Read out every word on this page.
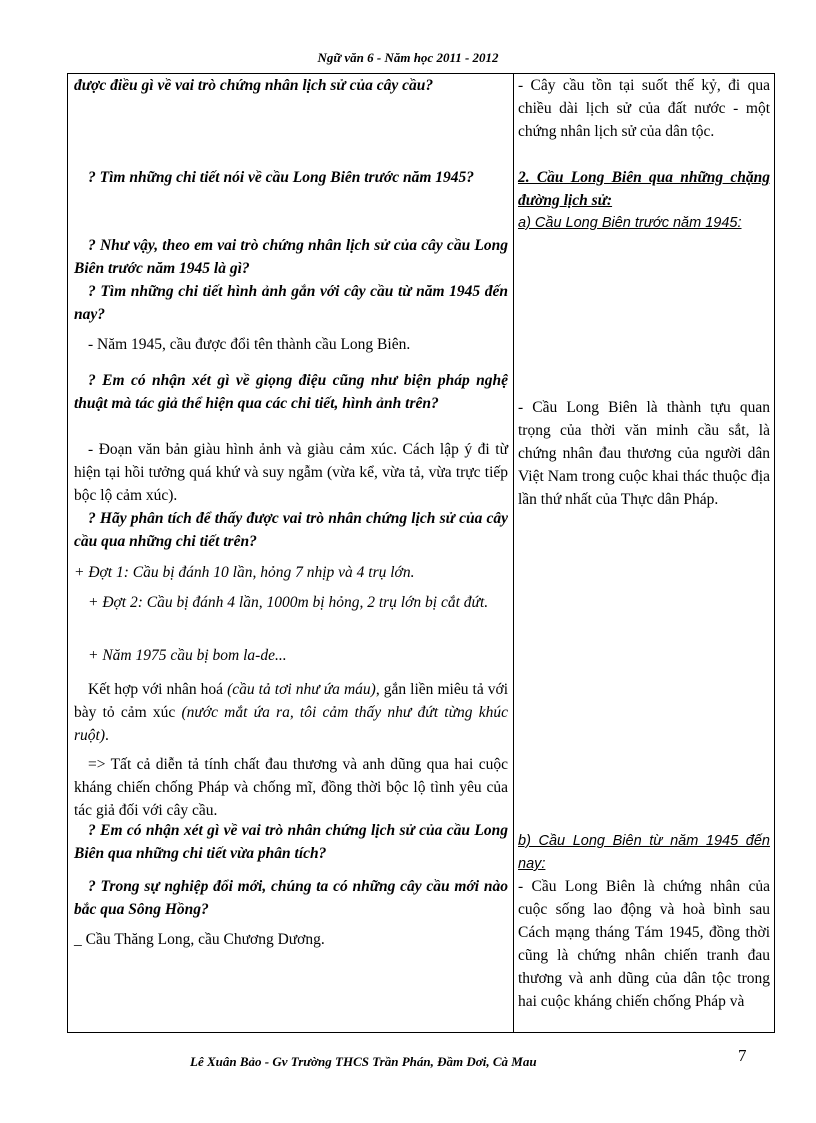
Ngữ văn 6 - Năm học 2011 - 2012

được điều gì về vai trò chứng nhân lịch sử của cây cầu?

? Tìm những chi tiết nói về cầu Long Biên trước năm 1945?

? Như vậy, theo em vai trò chứng nhân lịch sử của cây cầu Long Biên trước năm 1945 là gì?

? Tìm những chi tiết hình ảnh gắn với cây cầu từ năm 1945 đến nay?

- Năm 1945, cầu được đổi tên thành cầu Long Biên.

? Em có nhận xét gì về giọng điệu cũng như biện pháp nghệ thuật mà tác giả thể hiện qua các chi tiết, hình ảnh trên?

- Đoạn văn bản giàu hình ảnh và giàu cảm xúc. Cách lập ý đi từ hiện tại hồi tưởng quá khứ và suy ngẫm (vừa kể, vừa tả, vừa trực tiếp bộc lộ cảm xúc).

? Hãy phân tích để thấy được vai trò nhân chứng lịch sử của cây cầu qua những chi tiết trên?

+ Đợt 1: Cầu bị đánh 10 lần, hỏng 7 nhịp và 4 trụ lớn.

+ Đợt 2: Cầu bị đánh 4 lần, 1000m bị hỏng, 2 trụ lớn bị cắt đứt.

+ Năm 1975 cầu bị bom la-de...

Kết hợp với nhân hoá (cầu tả tơi như ứa máu), gắn liền miêu tả với bày tỏ cảm xúc (nước mắt ứa ra, tôi cảm thấy như đứt từng khúc ruột).

=> Tất cả diễn tả tính chất đau thương và anh dũng qua hai cuộc kháng chiến chống Pháp và chống mĩ, đồng thời bộc lộ tình yêu của tác giả đối với cây cầu.

? Em có nhận xét gì về vai trò nhân chứng lịch sử của cầu Long Biên qua những chi tiết vừa phân tích?

? Trong sự nghiệp đổi mới, chúng ta có những cây cầu mới nào bắc qua Sông Hồng?

_ Cầu Thăng Long, cầu Chương Dương.

- Cây cầu tồn tại suốt thế kỷ, đi qua chiều dài lịch sử của đất nước - một chứng nhân lịch sử của dân tộc.

2. Cầu Long Biên qua những chặng đường lịch sử:

a) Cầu Long Biên trước năm 1945:

- Cầu Long Biên là thành tựu quan trọng của thời văn minh cầu sắt, là chứng nhân đau thương của người dân Việt Nam trong cuộc khai thác thuộc địa lần thứ nhất của Thực dân Pháp.

b) Cầu Long Biên từ năm 1945 đến nay:

- Cầu Long Biên là chứng nhân của cuộc sống lao động và hoà bình sau Cách mạng tháng Tám 1945, đồng thời cũng là chứng nhân chiến tranh đau thương và anh dũng của dân tộc trong hai cuộc kháng chiến chống Pháp và

7
Lê Xuân Bảo - Gv Trường THCS Trần Phán, Đầm Dơi, Cà Mau
